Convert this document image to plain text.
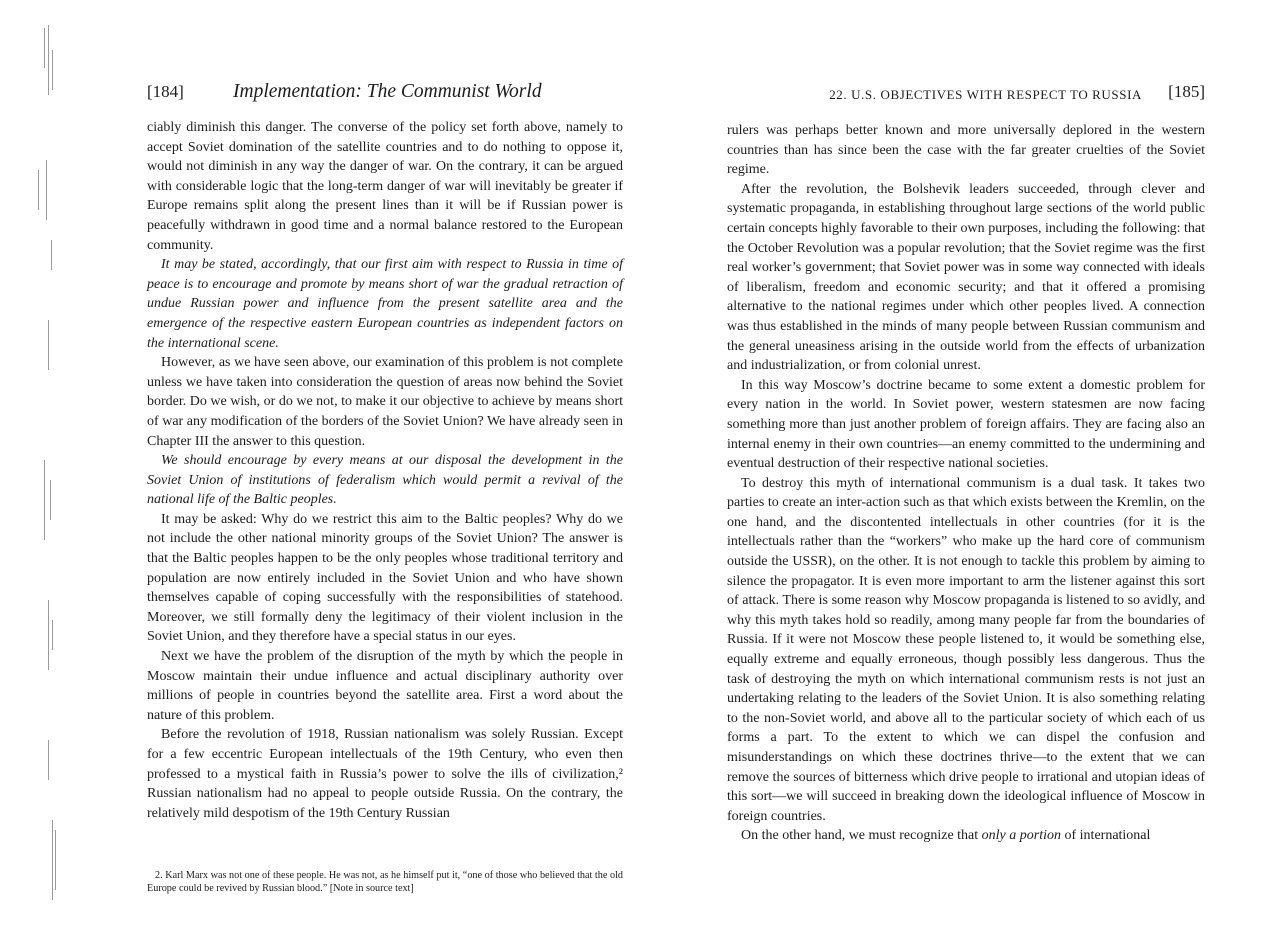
[184]	Implementation: The Communist World

ciably diminish this danger. The converse of the policy set forth above, namely to accept Soviet domination of the satellite countries and to do nothing to oppose it, would not diminish in any way the danger of war. On the contrary, it can be argued with considerable logic that the long-term danger of war will inevitably be greater if Europe remains split along the present lines than it will be if Russian power is peacefully withdrawn in good time and a normal balance restored to the European community.

It may be stated, accordingly, that our first aim with respect to Russia in time of peace is to encourage and promote by means short of war the gradual retraction of undue Russian power and influence from the present satellite area and the emergence of the respective eastern European countries as independent factors on the international scene.

However, as we have seen above, our examination of this problem is not complete unless we have taken into consideration the question of areas now behind the Soviet border. Do we wish, or do we not, to make it our objective to achieve by means short of war any modification of the borders of the Soviet Union? We have already seen in Chapter III the answer to this question.

We should encourage by every means at our disposal the development in the Soviet Union of institutions of federalism which would permit a revival of the national life of the Baltic peoples.

It may be asked: Why do we restrict this aim to the Baltic peoples? Why do we not include the other national minority groups of the Soviet Union? The answer is that the Baltic peoples happen to be the only peoples whose traditional territory and population are now entirely included in the Soviet Union and who have shown themselves capable of coping successfully with the responsibilities of statehood. Moreover, we still formally deny the legitimacy of their violent inclusion in the Soviet Union, and they therefore have a special status in our eyes.

Next we have the problem of the disruption of the myth by which the people in Moscow maintain their undue influence and actual disciplinary authority over millions of people in countries beyond the satellite area. First a word about the nature of this problem.

Before the revolution of 1918, Russian nationalism was solely Russian. Except for a few eccentric European intellectuals of the 19th Century, who even then professed to a mystical faith in Russia’s power to solve the ills of civilization,² Russian nationalism had no appeal to people outside Russia. On the contrary, the relatively mild despotism of the 19th Century Russian

2. Karl Marx was not one of these people. He was not, as he himself put it, “one of those who believed that the old Europe could be revived by Russian blood.” [Note in source text]

22. U.S. OBJECTIVES WITH RESPECT TO RUSSIA [185]

rulers was perhaps better known and more universally deplored in the western countries than has since been the case with the far greater cruelties of the Soviet regime.

After the revolution, the Bolshevik leaders succeeded, through clever and systematic propaganda, in establishing throughout large sections of the world public certain concepts highly favorable to their own purposes, including the following: that the October Revolution was a popular revolution; that the Soviet regime was the first real worker’s government; that Soviet power was in some way connected with ideals of liberalism, freedom and economic security; and that it offered a promising alternative to the national regimes under which other peoples lived. A connection was thus established in the minds of many people between Russian communism and the general uneasiness arising in the outside world from the effects of urbanization and industrialization, or from colonial unrest.

In this way Moscow’s doctrine became to some extent a domestic problem for every nation in the world. In Soviet power, western statesmen are now facing something more than just another problem of foreign affairs. They are facing also an internal enemy in their own countries—an enemy committed to the undermining and eventual destruction of their respective national societies.

To destroy this myth of international communism is a dual task. It takes two parties to create an inter-action such as that which exists between the Kremlin, on the one hand, and the discontented intellectuals in other countries (for it is the intellectuals rather than the “workers” who make up the hard core of communism outside the USSR), on the other. It is not enough to tackle this problem by aiming to silence the propagator. It is even more important to arm the listener against this sort of attack. There is some reason why Moscow propaganda is listened to so avidly, and why this myth takes hold so readily, among many people far from the boundaries of Russia. If it were not Moscow these people listened to, it would be something else, equally extreme and equally erroneous, though possibly less dangerous. Thus the task of destroying the myth on which international communism rests is not just an undertaking relating to the leaders of the Soviet Union. It is also something relating to the non-Soviet world, and above all to the particular society of which each of us forms a part. To the extent to which we can dispel the confusion and misunderstandings on which these doctrines thrive—to the extent that we can remove the sources of bitterness which drive people to irrational and utopian ideas of this sort—we will succeed in breaking down the ideological influence of Moscow in foreign countries.

On the other hand, we must recognize that only a portion of international
